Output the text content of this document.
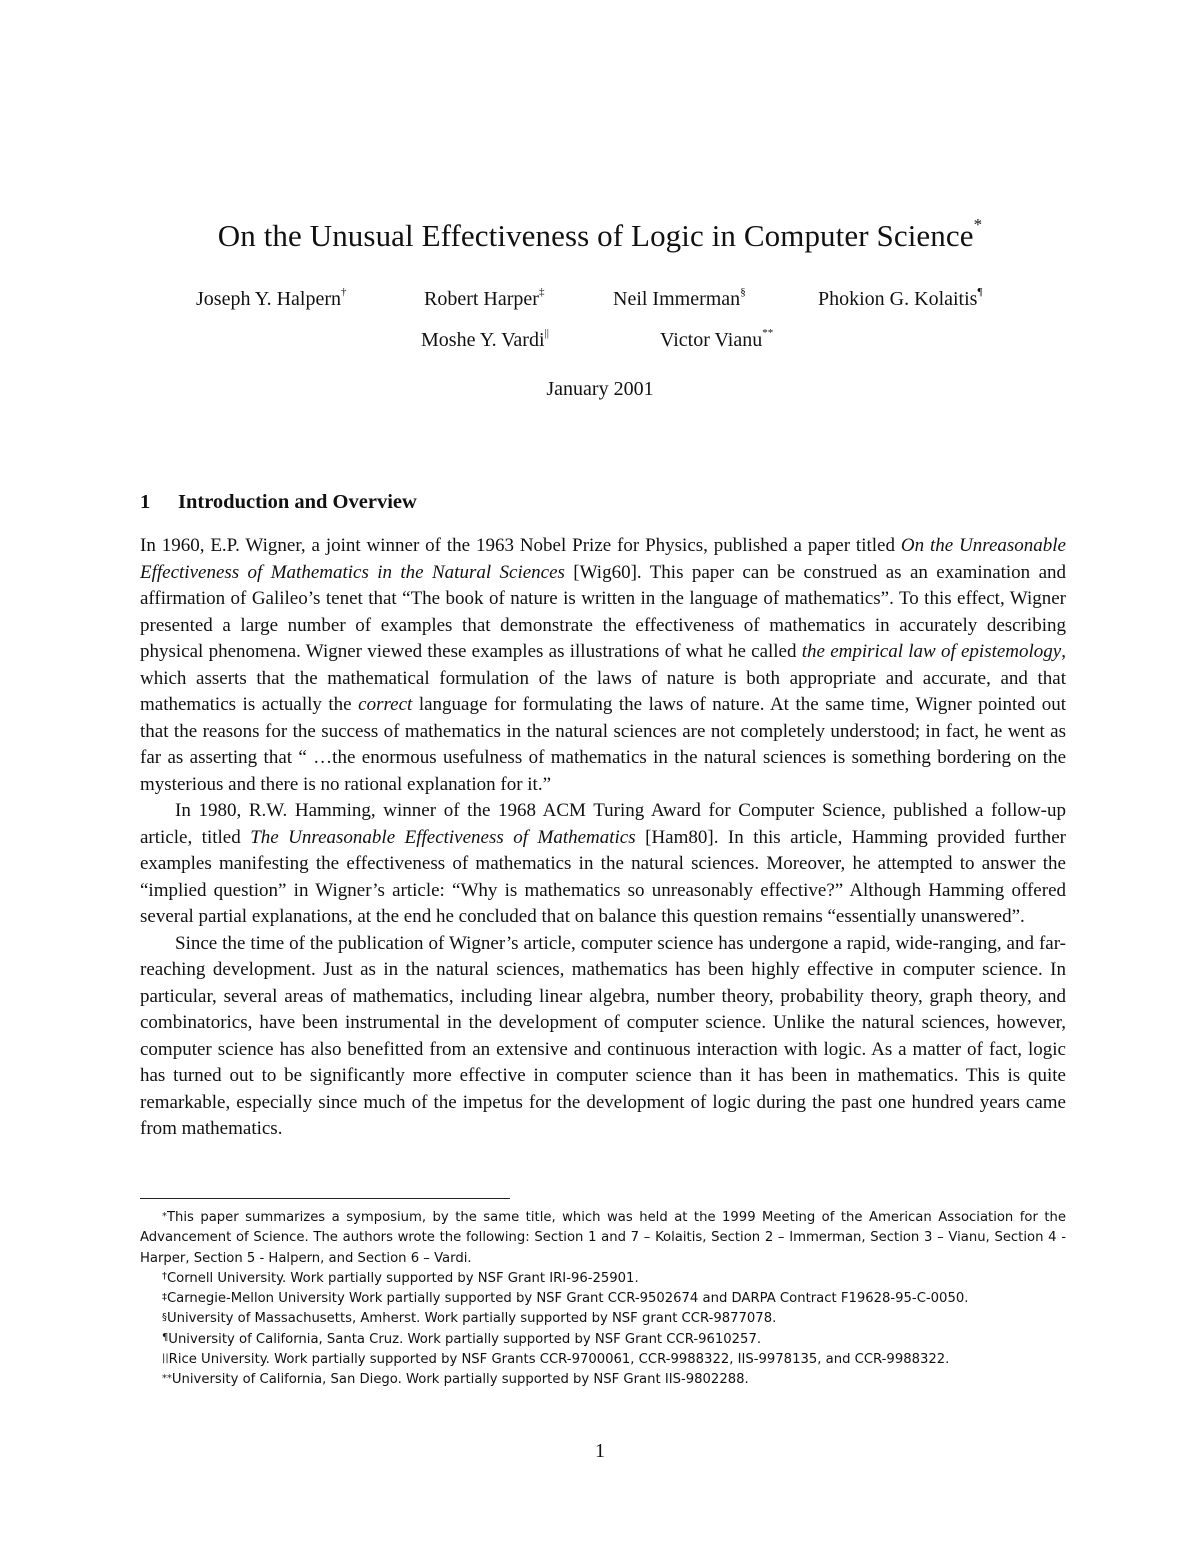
On the Unusual Effectiveness of Logic in Computer Science*
Joseph Y. Halpern†	Robert Harper‡	Neil Immerman§	Phokion G. Kolaitis¶
Moshe Y. Vardi||	Victor Vianu**
January 2001
1 Introduction and Overview

In 1960, E.P. Wigner, a joint winner of the 1963 Nobel Prize for Physics, published a paper titled On the Unreasonable Effectiveness of Mathematics in the Natural Sciences [Wig60]. This paper can be construed as an examination and affirmation of Galileo’s tenet that “The book of nature is written in the language of mathematics”. To this effect, Wigner presented a large number of examples that demonstrate the effectiveness of mathematics in accurately describing physical phenomena. Wigner viewed these examples as illustrations of what he called the empirical law of epistemology, which asserts that the mathematical formulation of the laws of nature is both appropriate and accurate, and that mathematics is actually the correct language for formulating the laws of nature. At the same time, Wigner pointed out that the reasons for the success of mathematics in the natural sciences are not completely understood; in fact, he went as far as asserting that “ …the enormous usefulness of mathematics in the natural sciences is something bordering on the mysterious and there is no rational explanation for it.”

In 1980, R.W. Hamming, winner of the 1968 ACM Turing Award for Computer Science, published a follow-up article, titled The Unreasonable Effectiveness of Mathematics [Ham80]. In this article, Hamming provided further examples manifesting the effectiveness of mathematics in the natural sciences. Moreover, he attempted to answer the “implied question” in Wigner’s article: “Why is mathematics so unreasonably effective?” Although Hamming offered several partial explanations, at the end he concluded that on balance this question remains “essentially unanswered”.

Since the time of the publication of Wigner’s article, computer science has undergone a rapid, wide-ranging, and far-reaching development. Just as in the natural sciences, mathematics has been highly effective in computer science. In particular, several areas of mathematics, including linear algebra, number theory, probability theory, graph theory, and combinatorics, have been instrumental in the development of computer science. Unlike the natural sciences, however, computer science has also benefitted from an extensive and continuous interaction with logic. As a matter of fact, logic has turned out to be significantly more effective in computer science than it has been in mathematics. This is quite remarkable, especially since much of the impetus for the development of logic during the past one hundred years came from mathematics.

*This paper summarizes a symposium, by the same title, which was held at the 1999 Meeting of the American Association for the Advancement of Science. The authors wrote the following: Section 1 and 7 – Kolaitis, Section 2 – Immerman, Section 3 – Vianu, Section 4 - Harper, Section 5 - Halpern, and Section 6 – Vardi.

†Cornell University. Work partially supported by NSF Grant IRI-96-25901.

‡Carnegie-Mellon University Work partially supported by NSF Grant CCR-9502674 and DARPA Contract F19628-95-C-0050.

§University of Massachusetts, Amherst. Work partially supported by NSF grant CCR-9877078.

¶University of California, Santa Cruz. Work partially supported by NSF Grant CCR-9610257.

||Rice University. Work partially supported by NSF Grants CCR-9700061, CCR-9988322, IIS-9978135, and CCR-9988322.

**University of California, San Diego. Work partially supported by NSF Grant IIS-9802288.

1
